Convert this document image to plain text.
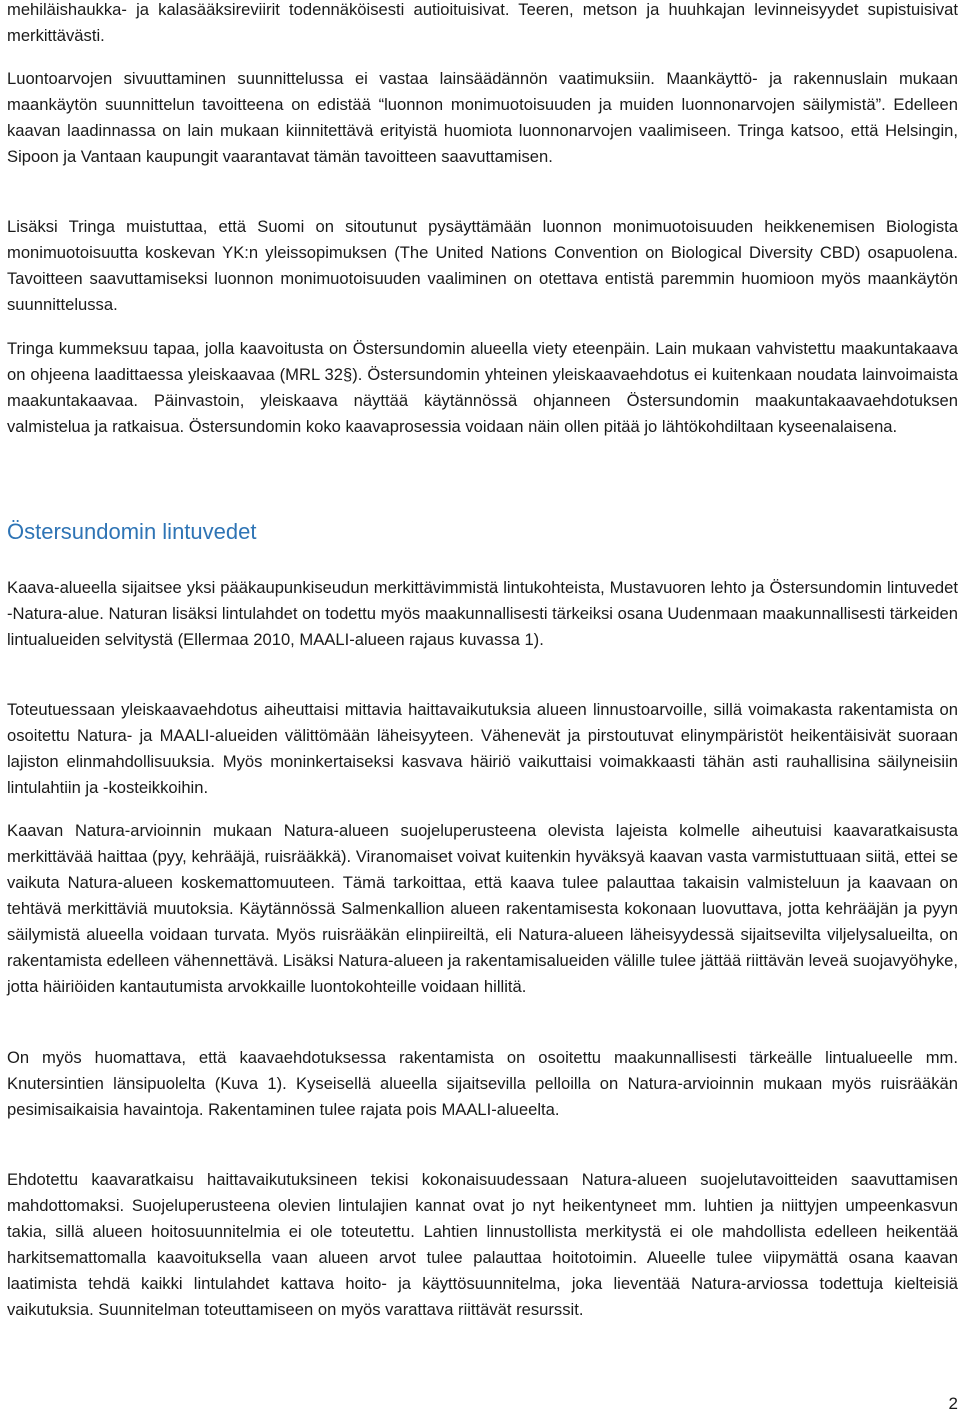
mehiläishaukka- ja kalasääksireviirit todennäköisesti autioituisivat. Teeren, metson ja huuhkajan levinneisyydet supistuisivat merkittävästi.

Luontoarvojen sivuuttaminen suunnittelussa ei vastaa lainsäädännön vaatimuksiin. Maankäyttö- ja rakennuslain mukaan maankäytön suunnittelun tavoitteena on edistää “luonnon monimuotoisuuden ja muiden luonnonarvojen säilymistä”. Edelleen kaavan laadinnassa on lain mukaan kiinnitettävä erityistä huomiota luonnonarvojen vaalimiseen. Tringa katsoo, että Helsingin, Sipoon ja Vantaan kaupungit vaarantavat tämän tavoitteen saavuttamisen.

Lisäksi Tringa muistuttaa, että Suomi on sitoutunut pysäyttämään luonnon monimuotoisuuden heikkenemisen Biologista monimuotoisuutta koskevan YK:n yleissopimuksen (The United Nations Convention on Biological Diversity CBD) osapuolena. Tavoitteen saavuttamiseksi luonnon monimuotoisuuden vaaliminen on otettava entistä paremmin huomioon myös maankäytön suunnittelussa.

Tringa kummeksuu tapaa, jolla kaavoitusta on Östersundomin alueella viety eteenpäin. Lain mukaan vahvistettu maakuntakaava on ohjeena laadittaessa yleiskaavaa (MRL 32§). Östersundomin yhteinen yleiskaavaehdotus ei kuitenkaan noudata lainvoimaista maakuntakaavaa. Päinvastoin, yleiskaava näyttää käytännössä ohjanneen Östersundomin maakuntakaavaehdotuksen valmistelua ja ratkaisua. Östersundomin koko kaavaprosessia voidaan näin ollen pitää jo lähtökohdiltaan kyseenalaisena.

Östersundomin lintuvedet

Kaava-alueella sijaitsee yksi pääkaupunkiseudun merkittävimmistä lintukohteista, Mustavuoren lehto ja Östersundomin lintuvedet -Natura-alue. Naturan lisäksi lintulahdet on todettu myös maakunnallisesti tärkeiksi osana Uudenmaan maakunnallisesti tärkeiden lintualueiden selvitystä (Ellermaa 2010, MAALI-alueen rajaus kuvassa 1).

Toteutuessaan yleiskaavaehdotus aiheuttaisi mittavia haittavaikutuksia alueen linnustoarvoille, sillä voimakasta rakentamista on osoitettu Natura- ja MAALI-alueiden välittömään läheisyyteen. Vähenevät ja pirstoutuvat elinympäristöt heikentäisivät suoraan lajiston elinmahdollisuuksia. Myös moninkertaiseksi kasvava häiriö vaikuttaisi voimakkaasti tähän asti rauhallisina säilyneisiin lintulahtiin ja -kosteikkoihin.

Kaavan Natura-arvioinnin mukaan Natura-alueen suojeluperusteena olevista lajeista kolmelle aiheutuisi kaavaratkaisusta merkittävää haittaa (pyy, kehrääjä, ruisrääkkä). Viranomaiset voivat kuitenkin hyväksyä kaavan vasta varmistuttuaan siitä, ettei se vaikuta Natura-alueen koskemattomuuteen. Tämä tarkoittaa, että kaava tulee palauttaa takaisin valmisteluun ja kaavaan on tehtävä merkittäviä muutoksia. Käytännössä Salmenkallion alueen rakentamisesta kokonaan luovuttava, jotta kehrääjän ja pyyn säilymistä alueella voidaan turvata. Myös ruisrääkän elinpiireiltä, eli Natura-alueen läheisyydessä sijaitsevilta viljelysalueilta, on rakentamista edelleen vähennettävä. Lisäksi Natura-alueen ja rakentamisalueiden välille tulee jättää riittävän leveä suojavyöhyke, jotta häiriöiden kantautumista arvokkaille luontokohteille voidaan hillitä.

On myös huomattava, että kaavaehdotuksessa rakentamista on osoitettu maakunnallisesti tärkeälle lintualueelle mm. Knutersintien länsipuolelta (Kuva 1). Kyseisellä alueella sijaitsevilla pelloilla on Natura-arvioinnin mukaan myös ruisrääkän pesimisaikaisia havaintoja. Rakentaminen tulee rajata pois MAALI-alueelta.

Ehdotettu kaavaratkaisu haittavaikutuksineen tekisi kokonaisuudessaan Natura-alueen suojelutavoitteiden saavuttamisen mahdottomaksi. Suojeluperusteena olevien lintulajien kannat ovat jo nyt heikentyneet mm. luhtien ja niittyjen umpeenkasvun takia, sillä alueen hoitosuunnitelmia ei ole toteutettu. Lahtien linnustollista merkitystä ei ole mahdollista edelleen heikentää harkitsemattomalla kaavoituksella vaan alueen arvot tulee palauttaa hoitotoimin. Alueelle tulee viipymättä osana kaavan laatimista tehdä kaikki lintulahdet kattava hoito- ja käyttösuunnitelma, joka lieventää Natura-arviossa todettuja kielteisiä vaikutuksia. Suunnitelman toteuttamiseen on myös varattava riittävät resurssit.

2
